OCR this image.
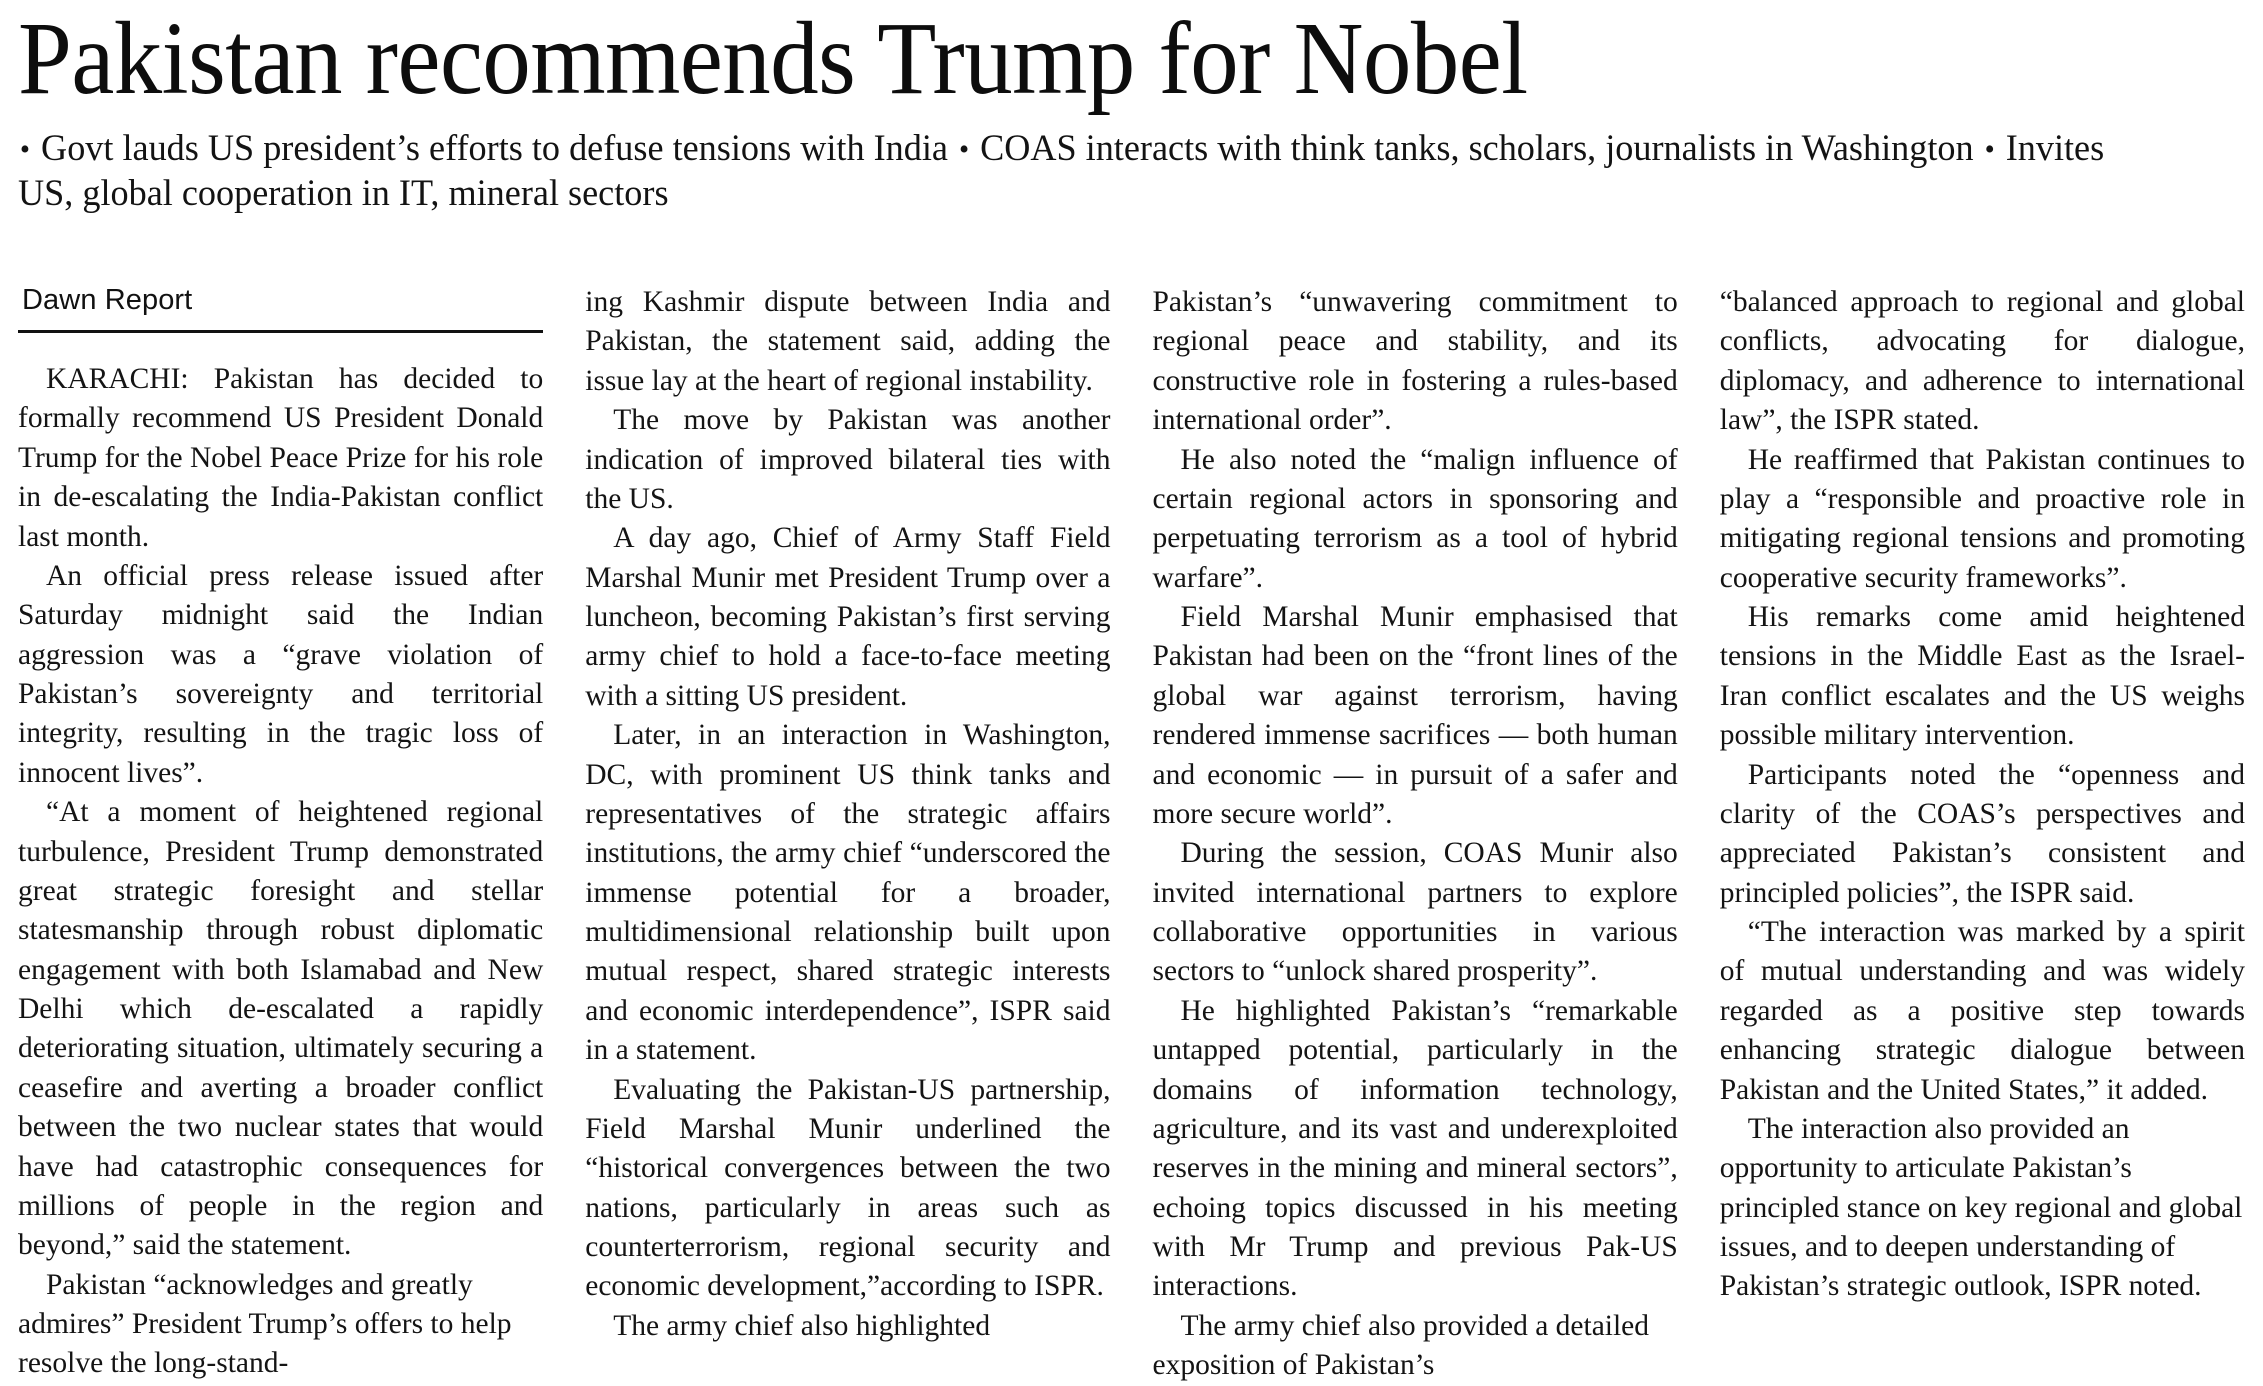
Pakistan recommends Trump for Nobel
• Govt lauds US president’s efforts to defuse tensions with India • COAS interacts with think tanks, scholars, journalists in Washington • Invites US, global cooperation in IT, mineral sectors
Dawn Report

KARACHI: Pakistan has decided to formally recommend US President Donald Trump for the Nobel Peace Prize for his role in de-escalating the India-Pakistan conflict last month.

An official press release issued after Saturday midnight said the Indian aggression was a “grave violation of Pakistan’s sovereignty and territorial integrity, resulting in the tragic loss of innocent lives”.

“At a moment of heightened regional turbulence, President Trump demonstrated great strategic foresight and stellar statesmanship through robust diplomatic engagement with both Islamabad and New Delhi which de-escalated a rapidly deteriorating situation, ultimately securing a ceasefire and averting a broader conflict between the two nuclear states that would have had catastrophic consequences for millions of people in the region and beyond,” said the statement.

Pakistan “acknowledges and greatly admires” President Trump’s offers to help resolve the long-stand-

ing Kashmir dispute between India and Pakistan, the statement said, adding the issue lay at the heart of regional instability.

The move by Pakistan was another indication of improved bilateral ties with the US.

A day ago, Chief of Army Staff Field Marshal Munir met President Trump over a luncheon, becoming Pakistan’s first serving army chief to hold a face-to-face meeting with a sitting US president.

Later, in an interaction in Washington, DC, with prominent US think tanks and representatives of the strategic affairs institutions, the army chief “underscored the immense potential for a broader, multidimensional relationship built upon mutual respect, shared strategic interests and economic interdependence”, ISPR said in a statement.

Evaluating the Pakistan-US partnership, Field Marshal Munir underlined the “historical convergences between the two nations, particularly in areas such as counterterrorism, regional security and economic development,”according to ISPR.

The army chief also highlighted

Pakistan’s “unwavering commitment to regional peace and stability, and its constructive role in fostering a rules-based international order”.

He also noted the “malign influence of certain regional actors in sponsoring and perpetuating terrorism as a tool of hybrid warfare”.

Field Marshal Munir emphasised that Pakistan had been on the “front lines of the global war against terrorism, having rendered immense sacrifices — both human and economic — in pursuit of a safer and more secure world”.

During the session, COAS Munir also invited international partners to explore collaborative opportunities in various sectors to “unlock shared prosperity”.

He highlighted Pakistan’s “remarkable untapped potential, particularly in the domains of information technology, agriculture, and its vast and underexploited reserves in the mining and mineral sectors”, echoing topics discussed in his meeting with Mr Trump and previous Pak-US interactions.

The army chief also provided a detailed exposition of Pakistan’s

“balanced approach to regional and global conflicts, advocating for dialogue, diplomacy, and adherence to international law”, the ISPR stated.

He reaffirmed that Pakistan continues to play a “responsible and proactive role in mitigating regional tensions and promoting cooperative security frameworks”.

His remarks come amid heightened tensions in the Middle East as the Israel-Iran conflict escalates and the US weighs possible military intervention.

Participants noted the “openness and clarity of the COAS’s perspectives and appreciated Pakistan’s consistent and principled policies”, the ISPR said.

“The interaction was marked by a spirit of mutual understanding and was widely regarded as a positive step towards enhancing strategic dialogue between Pakistan and the United States,” it added.

The interaction also provided an opportunity to articulate Pakistan’s principled stance on key regional and global issues, and to deepen understanding of Pakistan’s strategic outlook, ISPR noted.
